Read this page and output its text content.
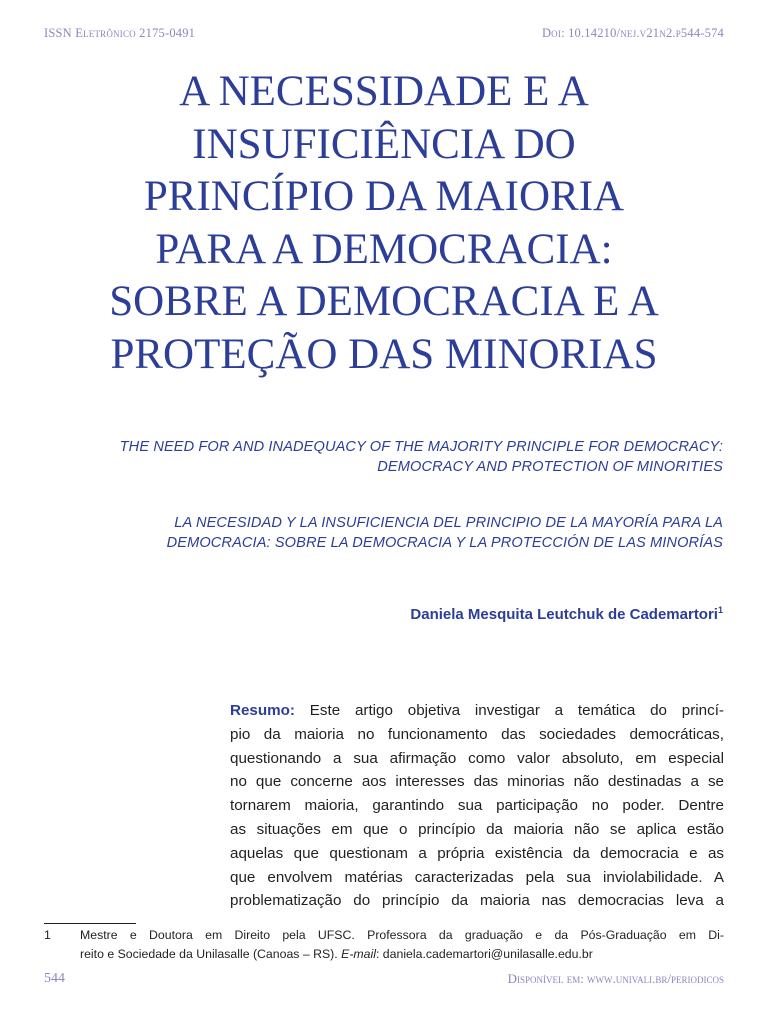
ISSN Eletrônico 2175-0491	Doi: 10.14210/nej.v21n2.p544-574
A NECESSIDADE E A
INSUFICIÊNCIA DO
PRINCÍPIO DA MAIORIA
PARA A DEMOCRACIA:
SOBRE A DEMOCRACIA E A
PROTEÇÃO DAS MINORIAS
THE NEED FOR AND INADEQUACY OF THE MAJORITY PRINCIPLE FOR DEMOCRACY:
DEMOCRACY AND PROTECTION OF MINORITIES
LA NECESIDAD Y LA INSUFICIENCIA DEL PRINCIPIO DE LA MAYORÍA PARA LA
DEMOCRACIA: SOBRE LA DEMOCRACIA Y LA PROTECCIÓN DE LAS MINORÍAS
Daniela Mesquita Leutchuk de Cademartori$^1$
Resumo: Este artigo objetiva investigar a temática do princí-
pio da maioria no funcionamento das sociedades democráticas,
questionando a sua afirmação como valor absoluto, em especial
no que concerne aos interesses das minorias não destinadas a se
tornarem maioria, garantindo sua participação no poder. Dentre
as situações em que o princípio da maioria não se aplica estão
aquelas que questionam a própria existência da democracia e as
que envolvem matérias caracterizadas pela sua inviolabilidade. A
problematização do princípio da maioria nas democracias leva a
1 Mestre e Doutora em Direito pela UFSC. Professora da graduação e da Pós-Graduação em Di-
reito e Sociedade da Unilasalle (Canoas – RS). E-mail: daniela.cademartori@unilasalle.edu.br
544	Disponível em: www.univali.br/periodicos
